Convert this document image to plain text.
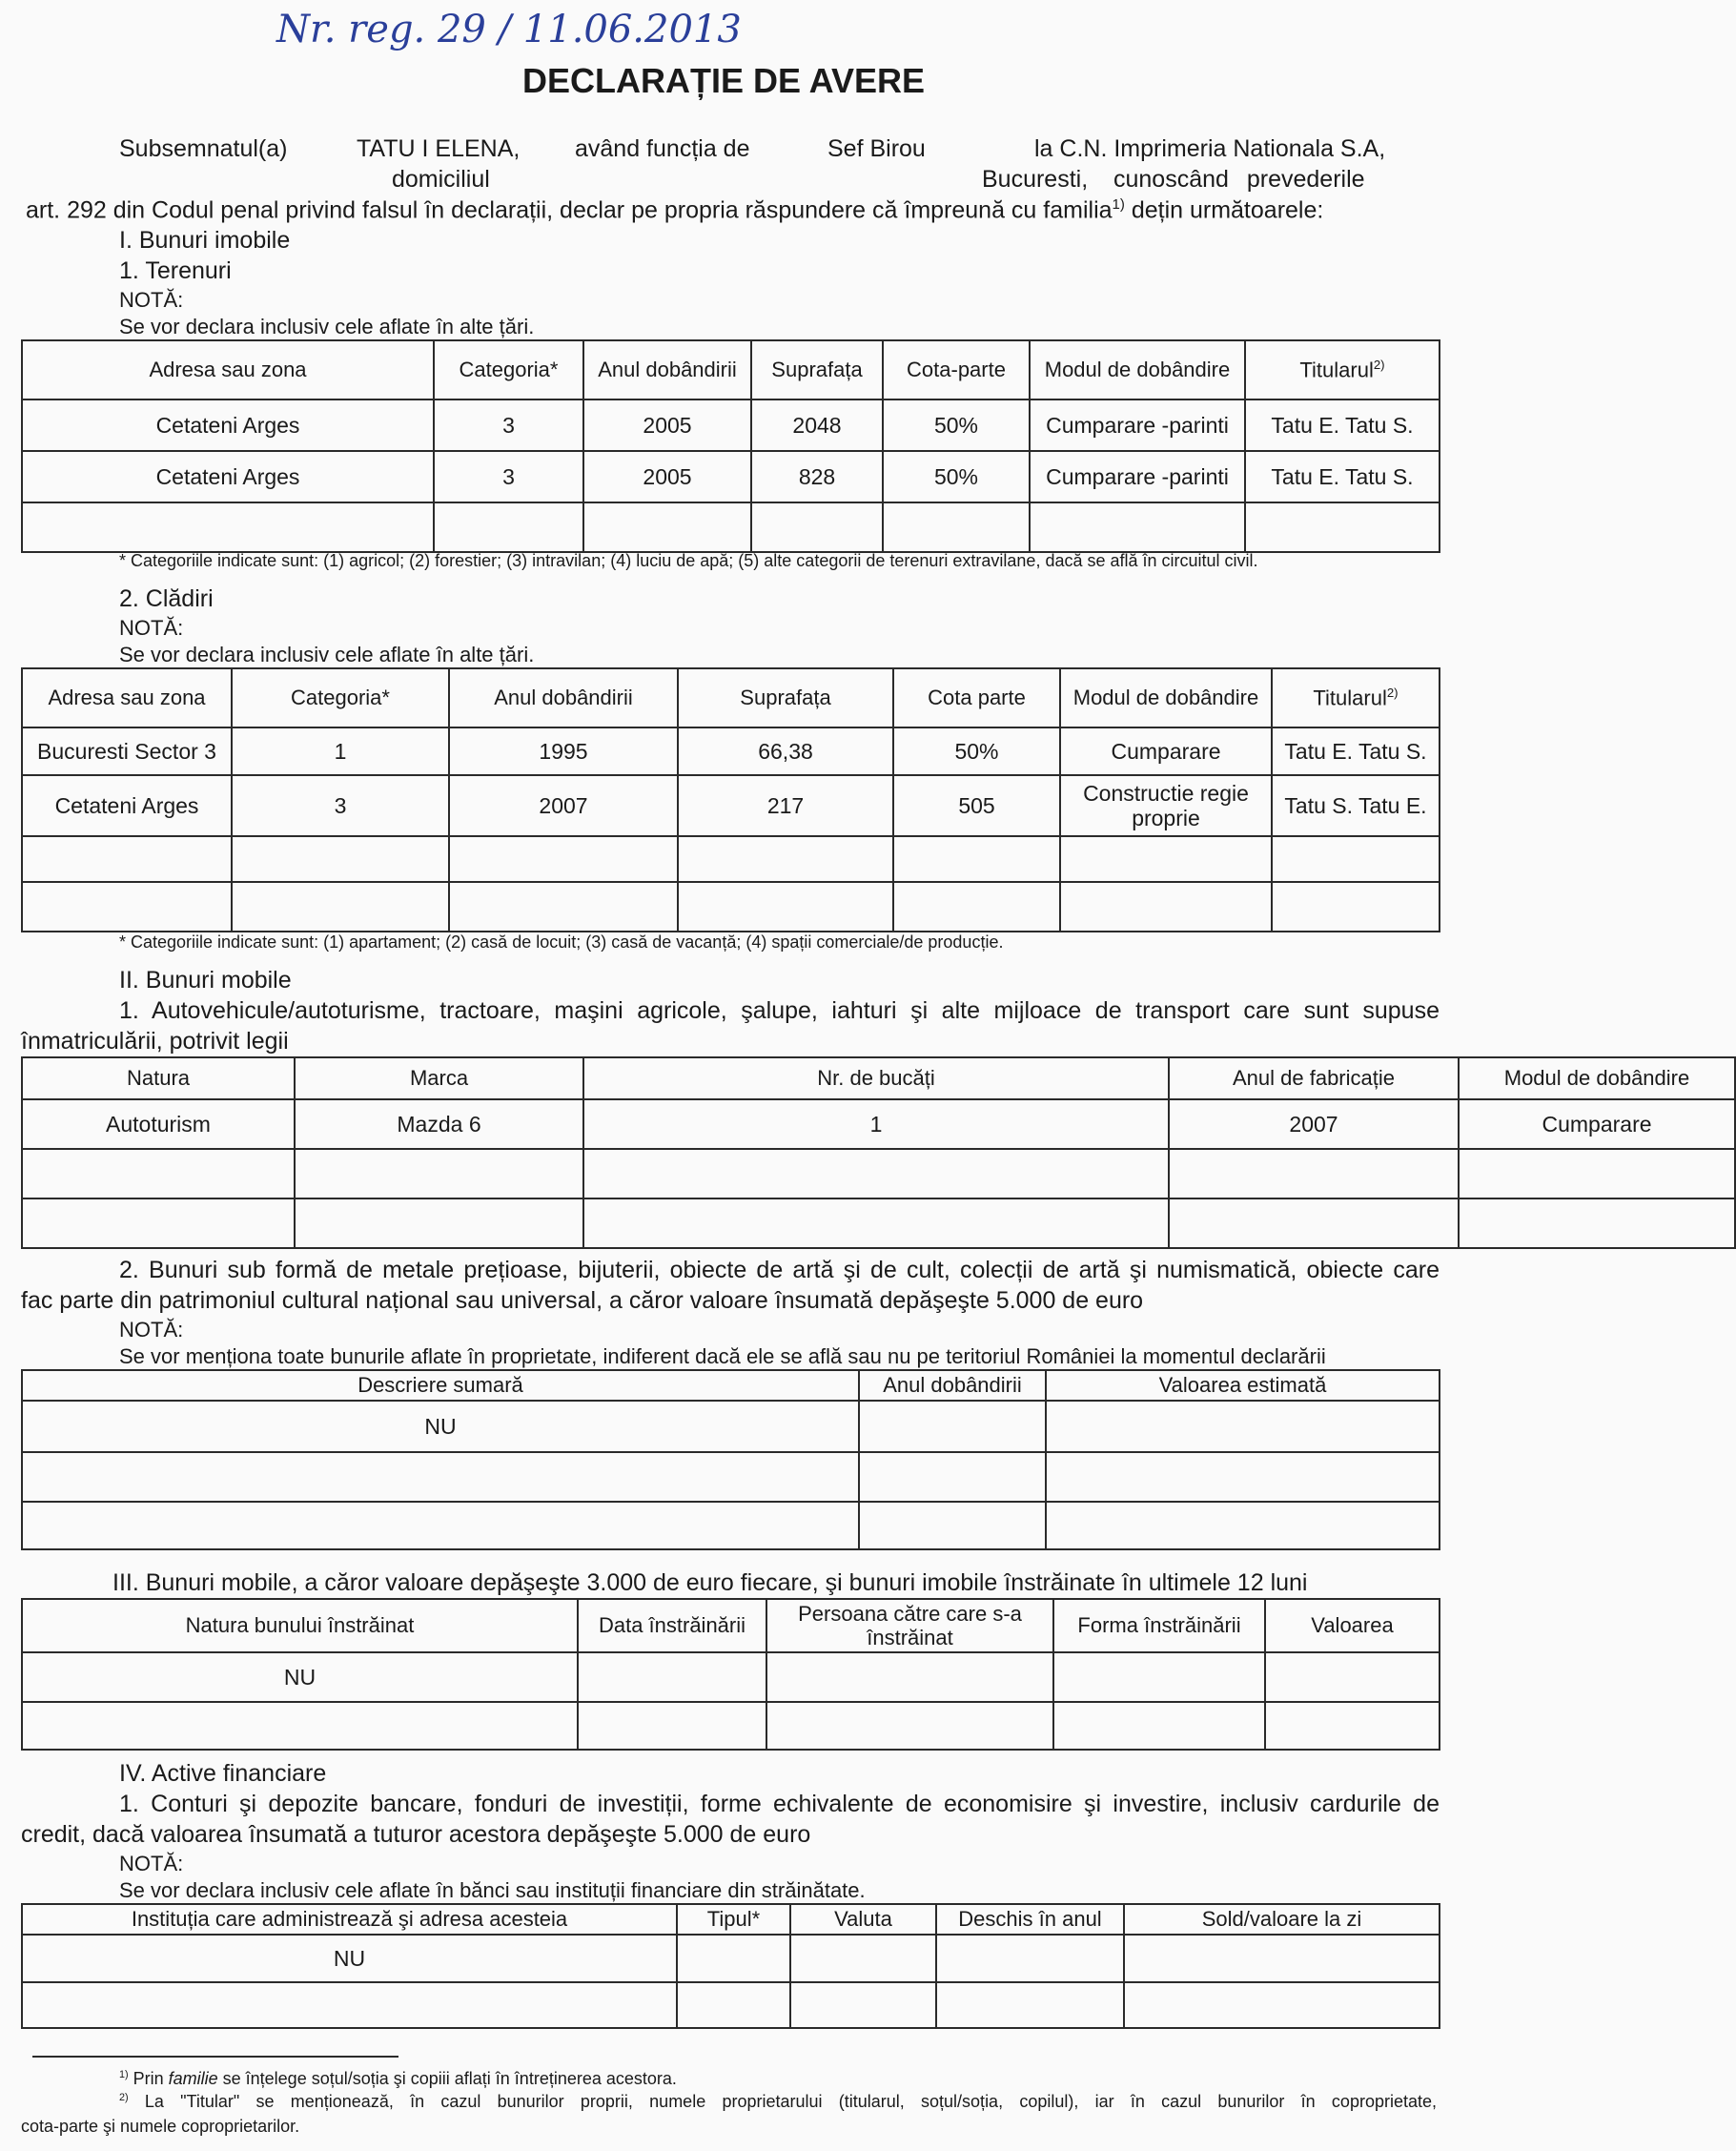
Nr. reg. 29 / 11.06.2013
DECLARAȚIE DE AVERE
Subsemnatul(a)	TATU I ELENA, având funcția de	Sef Birou	la C.N. Imprimeria Nationala S.A,
domiciliul	Bucuresti, cunoscând prevederile
art. 292 din Codul penal privind falsul în declarații, declar pe propria răspundere că împreună cu familia$^{1)}$ dețin următoarele:
I. Bunuri imobile
1. Terenuri
NOTĂ:
Se vor declara inclusiv cele aflate în alte țări.
Adresa sau zona	Categoria*	Anul dobândirii	Suprafața	Cota-parte	Modul de dobândire	Titularul$^{2)}$
Cetateni Arges	3	2005	2048	50%	Cumparare -parinti	Tatu E. Tatu S.
Cetateni Arges	3	2005	828	50%	Cumparare -parinti	Tatu E. Tatu S.

* Categoriile indicate sunt: (1) agricol; (2) forestier; (3) intravilan; (4) luciu de apă; (5) alte categorii de terenuri extravilane, dacă se află în circuitul civil.
2. Clădiri
NOTĂ:
Se vor declara inclusiv cele aflate în alte țări.
Adresa sau zona	Categoria*	Anul dobândirii	Suprafața	Cota parte	Modul de dobândire	Titularul$^{2)}$
Bucuresti Sector 3	1	1995	66,38	50%	Cumparare	Tatu E. Tatu S.
Cetateni Arges	3	2007	217	505	Constructie regie proprie	Tatu S. Tatu E.

* Categoriile indicate sunt: (1) apartament; (2) casă de locuit; (3) casă de vacanță; (4) spații comerciale/de producție.
II. Bunuri mobile
1. Autovehicule/autoturisme, tractoare, maşini agricole, şalupe, iahturi şi alte mijloace de transport care sunt supuse
înmatriculării, potrivit legii
Natura	Marca	Nr. de bucăți	Anul de fabricație	Modul de dobândire
Autoturism	Mazda 6	1	2007	Cumparare

2. Bunuri sub formă de metale prețioase, bijuterii, obiecte de artă şi de cult, colecții de artă şi numismatică, obiecte care
fac parte din patrimoniul cultural național sau universal, a căror valoare însumată depăşeşte 5.000 de euro
NOTĂ:
Se vor menționa toate bunurile aflate în proprietate, indiferent dacă ele se află sau nu pe teritoriul României la momentul declarării
Descriere sumară	Anul dobândirii	Valoarea estimată
NU		

III. Bunuri mobile, a căror valoare depăşeşte 3.000 de euro fiecare, şi bunuri imobile înstrăinate în ultimele 12 luni
Natura bunului înstrăinat	Data înstrăinării	Persoana către care s-a înstrăinat	Forma înstrăinării	Valoarea
NU				

IV. Active financiare
1. Conturi şi depozite bancare, fonduri de investiții, forme echivalente de economisire şi investire, inclusiv cardurile de
credit, dacă valoarea însumată a tuturor acestora depăşeşte 5.000 de euro
NOTĂ:
Se vor declara inclusiv cele aflate în bănci sau instituții financiare din străinătate.
Instituția care administrează şi adresa acesteia	Tipul*	Valuta	Deschis în anul	Sold/valoare la zi
NU				

$^{1)}$ Prin familie se înțelege soțul/soția şi copiii aflați în întreținerea acestora.
$^{2)}$ La "Titular" se menționează, în cazul bunurilor proprii, numele proprietarului (titularul, soțul/soția, copilul), iar în cazul bunurilor în coproprietate,
cota-parte şi numele coproprietarilor.
